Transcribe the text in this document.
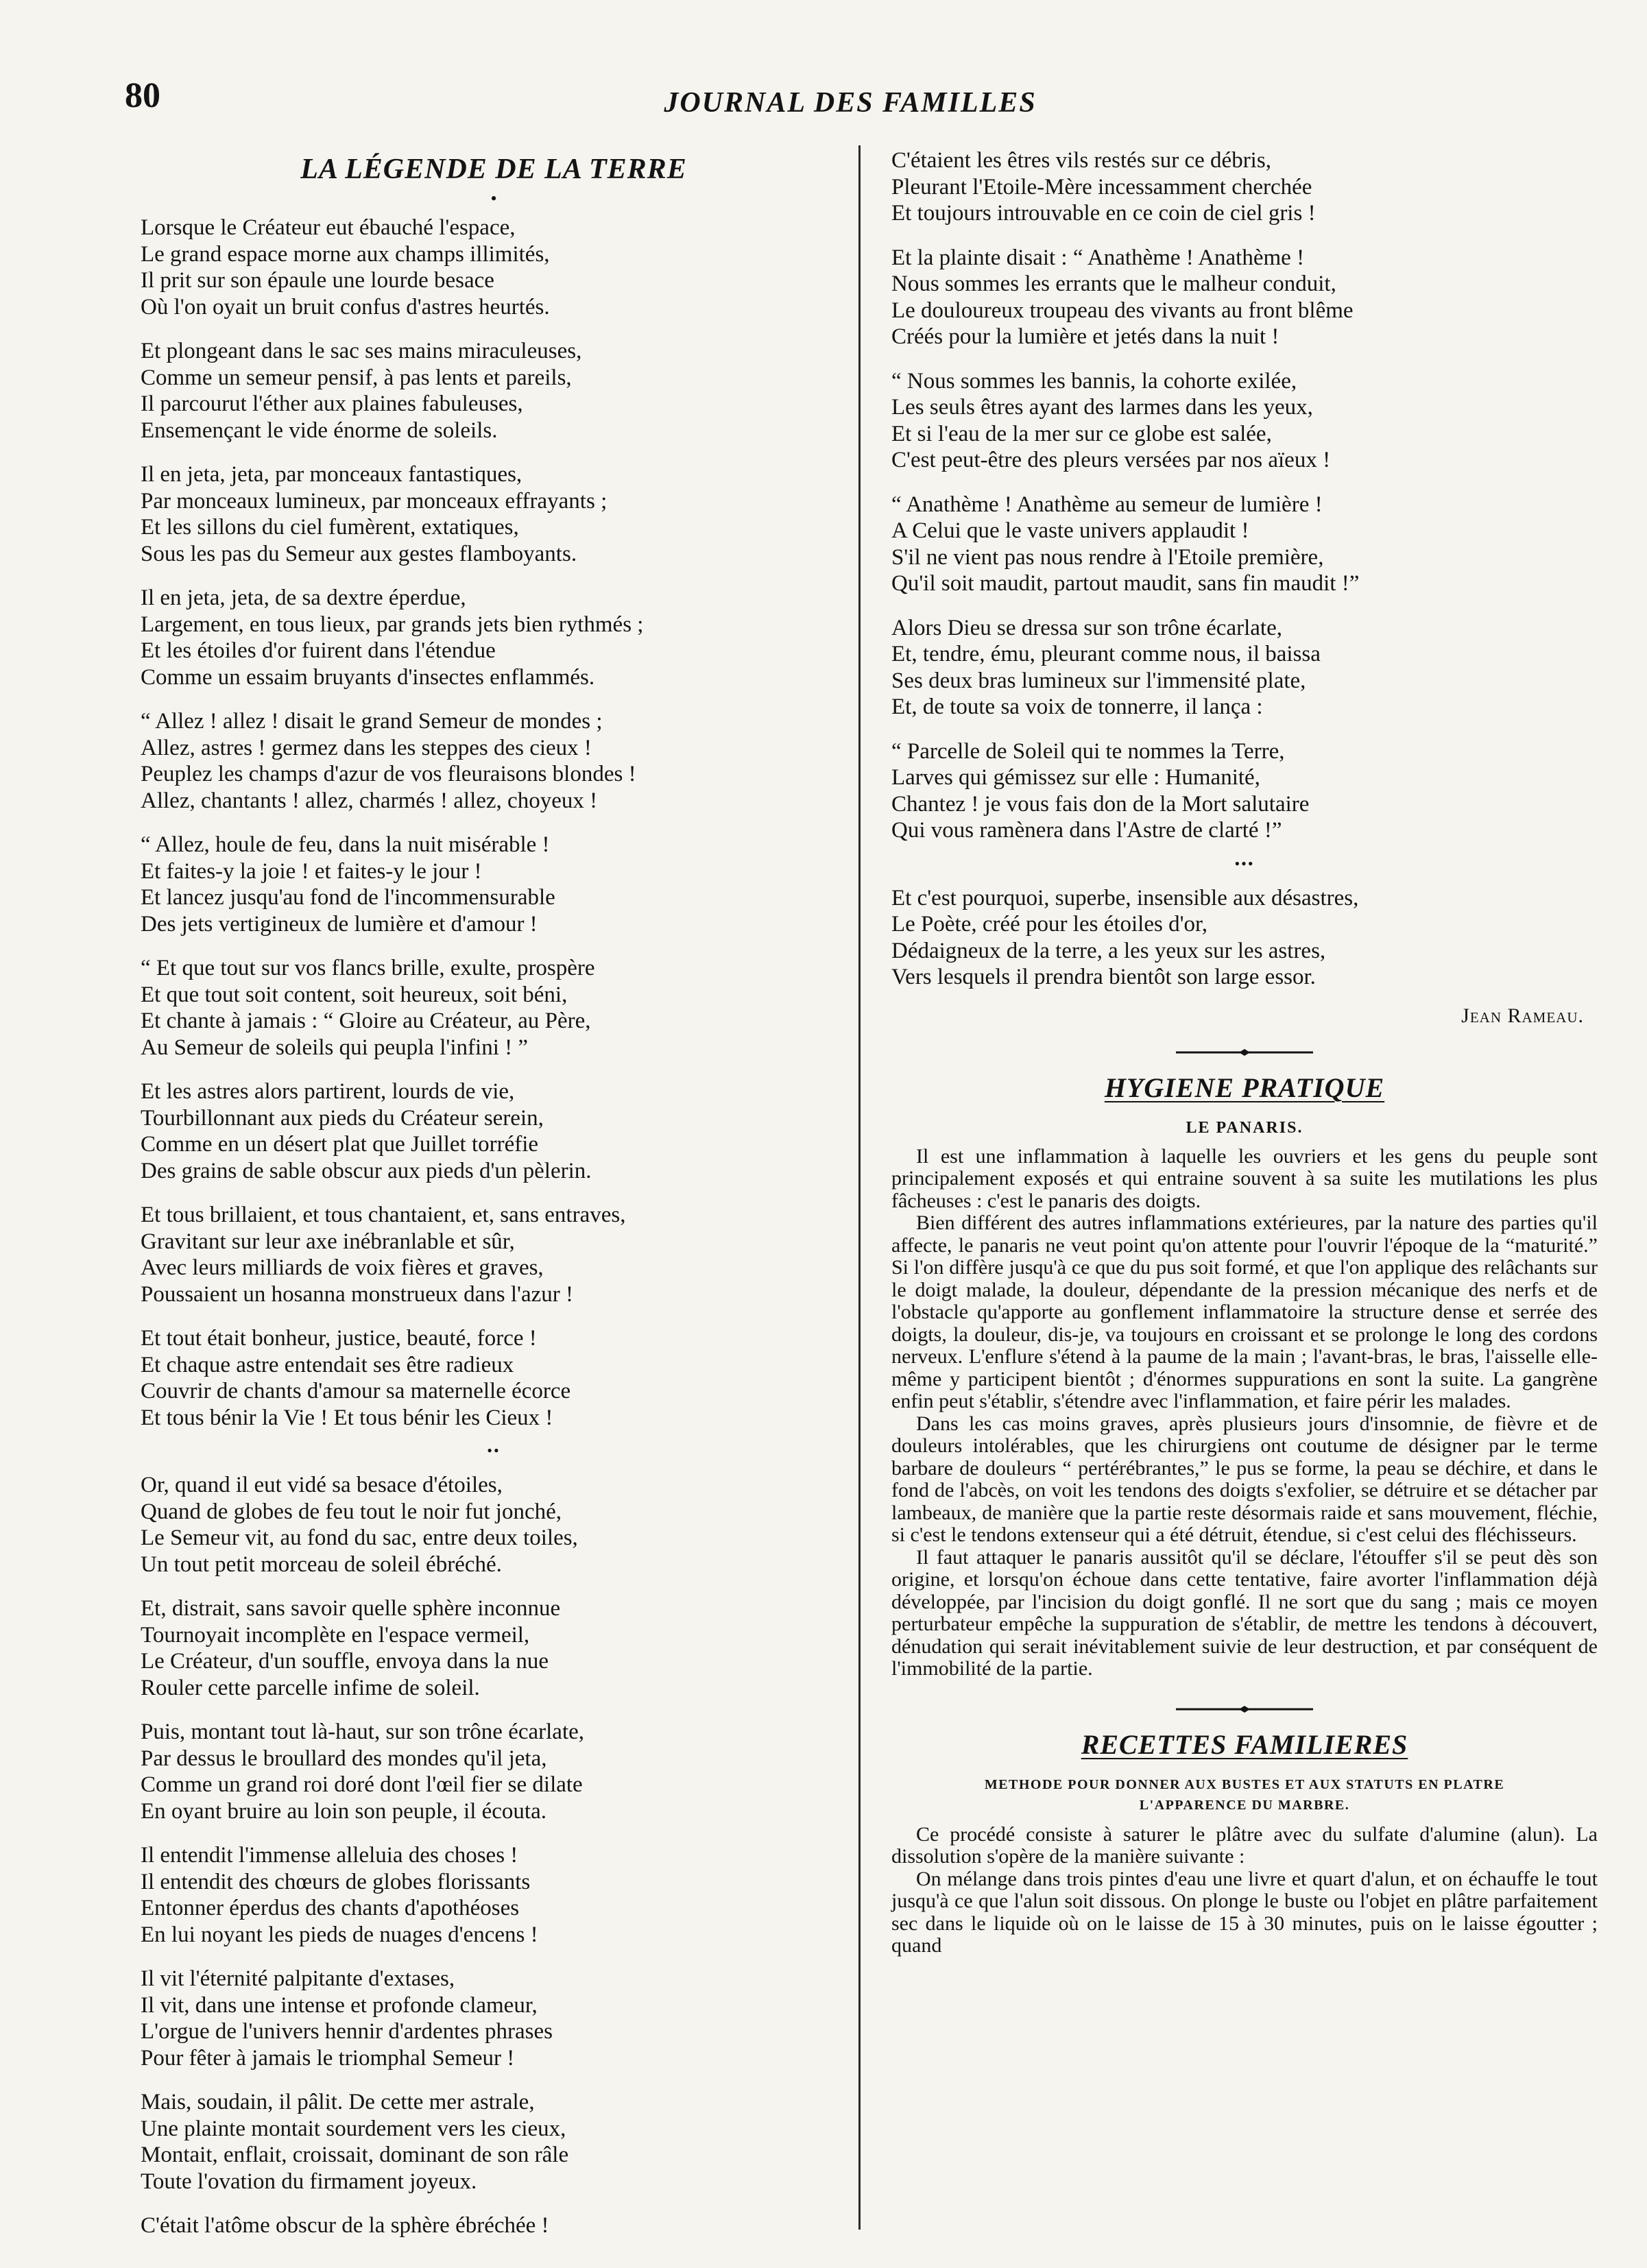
80	JOURNAL DES FAMILLES
LA LÉGENDE DE LA TERRE
•
Lorsque le Créateur eut ébauché l'espace,
Le grand espace morne aux champs illimités,
Il prit sur son épaule une lourde besace
Où l'on oyait un bruit confus d'astres heurtés.
Et plongeant dans le sac ses mains miraculeuses,
Comme un semeur pensif, à pas lents et pareils,
Il parcourut l'éther aux plaines fabuleuses,
Ensemençant le vide énorme de soleils.
Il en jeta, jeta, par monceaux fantastiques,
Par monceaux lumineux, par monceaux effrayants ;
Et les sillons du ciel fumèrent, extatiques,
Sous les pas du Semeur aux gestes flamboyants.
Il en jeta, jeta, de sa dextre éperdue,
Largement, en tous lieux, par grands jets bien rythmés ;
Et les étoiles d'or fuirent dans l'étendue
Comme un essaim bruyants d'insectes enflammés.
“ Allez ! allez ! disait le grand Semeur de mondes ;
Allez, astres ! germez dans les steppes des cieux !
Peuplez les champs d'azur de vos fleuraisons blondes !
Allez, chantants ! allez, charmés ! allez, choyeux !
“ Allez, houle de feu, dans la nuit misérable !
Et faites-y la joie ! et faites-y le jour !
Et lancez jusqu'au fond de l'incommensurable
Des jets vertigineux de lumière et d'amour !
“ Et que tout sur vos flancs brille, exulte, prospère
Et que tout soit content, soit heureux, soit béni,
Et chante à jamais : “ Gloire au Créateur, au Père,
Au Semeur de soleils qui peupla l'infini ! ”
Et les astres alors partirent, lourds de vie,
Tourbillonnant aux pieds du Créateur serein,
Comme en un désert plat que Juillet torréfie
Des grains de sable obscur aux pieds d'un pèlerin.
Et tous brillaient, et tous chantaient, et, sans entraves,
Gravitant sur leur axe inébranlable et sûr,
Avec leurs milliards de voix fières et graves,
Poussaient un hosanna monstrueux dans l'azur !
Et tout était bonheur, justice, beauté, force !
Et chaque astre entendait ses être radieux
Couvrir de chants d'amour sa maternelle écorce
Et tous bénir la Vie ! Et tous bénir les Cieux !
••
Or, quand il eut vidé sa besace d'étoiles,
Quand de globes de feu tout le noir fut jonché,
Le Semeur vit, au fond du sac, entre deux toiles,
Un tout petit morceau de soleil ébréché.
Et, distrait, sans savoir quelle sphère inconnue
Tournoyait incomplète en l'espace vermeil,
Le Créateur, d'un souffle, envoya dans la nue
Rouler cette parcelle infime de soleil.
Puis, montant tout là-haut, sur son trône écarlate,
Par dessus le broullard des mondes qu'il jeta,
Comme un grand roi doré dont l'œil fier se dilate
En oyant bruire au loin son peuple, il écouta.
Il entendit l'immense alleluia des choses !
Il entendit des chœurs de globes florissants
Entonner éperdus des chants d'apothéoses
En lui noyant les pieds de nuages d'encens !
Il vit l'éternité palpitante d'extases,
Il vit, dans une intense et profonde clameur,
L'orgue de l'univers hennir d'ardentes phrases
Pour fêter à jamais le triomphal Semeur !
Mais, soudain, il pâlit. De cette mer astrale,
Une plainte montait sourdement vers les cieux,
Montait, enflait, croissait, dominant de son râle
Toute l'ovation du firmament joyeux.
C'était l'atôme obscur de la sphère ébréchée !
C'étaient les êtres vils restés sur ce débris,
Pleurant l'Etoile-Mère incessamment cherchée
Et toujours introuvable en ce coin de ciel gris !
Et la plainte disait : “ Anathème ! Anathème !
Nous sommes les errants que le malheur conduit,
Le douloureux troupeau des vivants au front blême
Créés pour la lumière et jetés dans la nuit !
“ Nous sommes les bannis, la cohorte exilée,
Les seuls êtres ayant des larmes dans les yeux,
Et si l'eau de la mer sur ce globe est salée,
C'est peut-être des pleurs versées par nos aïeux !
“ Anathème ! Anathème au semeur de lumière !
A Celui que le vaste univers applaudit !
S'il ne vient pas nous rendre à l'Etoile première,
Qu'il soit maudit, partout maudit, sans fin maudit !”
Alors Dieu se dressa sur son trône écarlate,
Et, tendre, ému, pleurant comme nous, il baissa
Ses deux bras lumineux sur l'immensité plate,
Et, de toute sa voix de tonnerre, il lança :
“ Parcelle de Soleil qui te nommes la Terre,
Larves qui gémissez sur elle : Humanité,
Chantez ! je vous fais don de la Mort salutaire
Qui vous ramènera dans l'Astre de clarté !”
•••
Et c'est pourquoi, superbe, insensible aux désastres,
Le Poète, créé pour les étoiles d'or,
Dédaigneux de la terre, a les yeux sur les astres,
Vers lesquels il prendra bientôt son large essor.
Jean Rameau.
HYGIENE PRATIQUE
LE PANARIS.

Il est une inflammation à laquelle les ouvriers et les gens du peuple sont principalement exposés et qui entraine souvent à sa suite les mutilations les plus fâcheuses : c'est le panaris des doigts.

Bien différent des autres inflammations extérieures, par la nature des parties qu'il affecte, le panaris ne veut point qu'on attente pour l'ouvrir l'époque de la “maturité.” Si l'on diffère jusqu'à ce que du pus soit formé, et que l'on applique des relâchants sur le doigt malade, la douleur, dépendante de la pression mécanique des nerfs et de l'obstacle qu'apporte au gonflement inflammatoire la structure dense et serrée des doigts, la douleur, dis-je, va toujours en croissant et se prolonge le long des cordons nerveux. L'enflure s'étend à la paume de la main ; l'avant-bras, le bras, l'aisselle elle-même y participent bientôt ; d'énormes suppurations en sont la suite. La gangrène enfin peut s'établir, s'étendre avec l'inflammation, et faire périr les malades.

Dans les cas moins graves, après plusieurs jours d'insomnie, de fièvre et de douleurs intolérables, que les chirurgiens ont coutume de désigner par le terme barbare de douleurs “ pertérébrantes,” le pus se forme, la peau se déchire, et dans le fond de l'abcès, on voit les tendons des doigts s'exfolier, se détruire et se détacher par lambeaux, de manière que la partie reste désormais raide et sans mouvement, fléchie, si c'est le tendons extenseur qui a été détruit, étendue, si c'est celui des fléchisseurs.

Il faut attaquer le panaris aussitôt qu'il se déclare, l'étouffer s'il se peut dès son origine, et lorsqu'on échoue dans cette tentative, faire avorter l'inflammation déjà développée, par l'incision du doigt gonflé. Il ne sort que du sang ; mais ce moyen perturbateur empêche la suppuration de s'établir, de mettre les tendons à découvert, dénudation qui serait inévitablement suivie de leur destruction, et par conséquent de l'immobilité de la partie.

RECETTES FAMILIERES
METHODE POUR DONNER AUX BUSTES ET AUX STATUTS EN PLATRE
L'APPARENCE DU MARBRE.

Ce procédé consiste à saturer le plâtre avec du sulfate d'alumine (alun). La dissolution s'opère de la manière suivante :

On mélange dans trois pintes d'eau une livre et quart d'alun, et on échauffe le tout jusqu'à ce que l'alun soit dissous. On plonge le buste ou l'objet en plâtre parfaitement sec dans le liquide où on le laisse de 15 à 30 minutes, puis on le laisse égoutter ; quand
